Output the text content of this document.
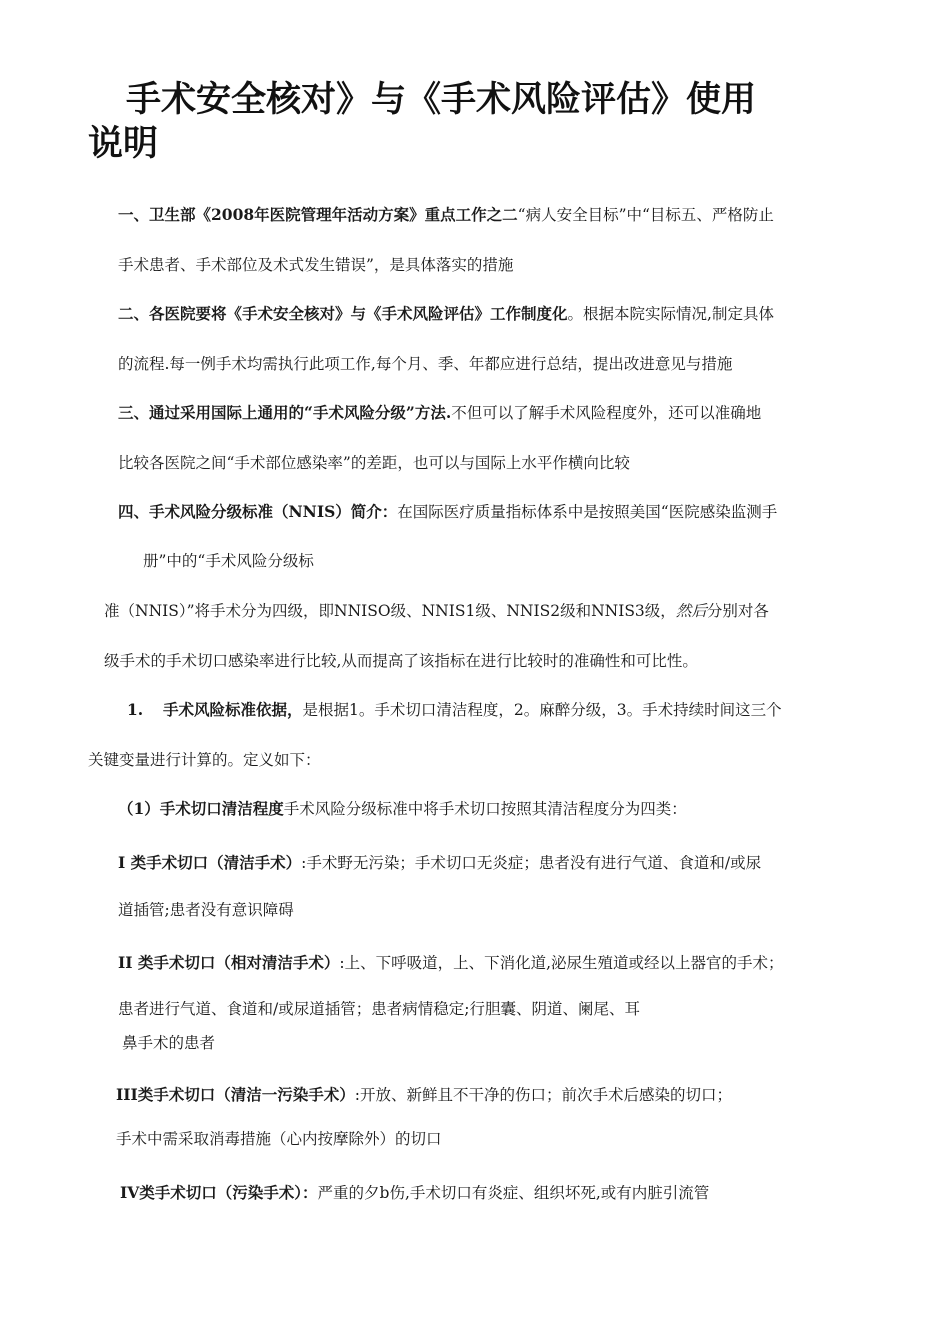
手术安全核对》与《手术风险评估》使用
说明
一、卫生部《2008年医院管理年活动方案》重点工作之二“病人安全目标”中“目标五、严格防止
手术患者、手术部位及术式发生错误”，是具体落实的措施
二、各医院要将《手术安全核对》与《手术风险评估》工作制度化。根据本院实际情况,制定具体
的流程.每一例手术均需执行此项工作,每个月、季、年都应进行总结，提出改进意见与措施
三、通过采用国际上通用的“手术风险分级”方法.不但可以了解手术风险程度外，还可以准确地
比较各医院之间“手术部位感染率”的差距，也可以与国际上水平作横向比较
四、手术风险分级标准（NNIS）简介：在国际医疗质量指标体系中是按照美国“医院感染监测手
册”中的“手术风险分级标
准（NNIS）”将手术分为四级，即NNISO级、NNIS1级、NNIS2级和NNIS3级，然后分别对各
级手术的手术切口感染率进行比较,从而提高了该指标在进行比较时的准确性和可比性。
1. 手术风险标准依据，是根据1。手术切口清洁程度，2。麻醉分级，3。手术持续时间这三个
关键变量进行计算的。定义如下：
（1）手术切口清洁程度手术风险分级标准中将手术切口按照其清洁程度分为四类：
I 类手术切口（清洁手术）:手术野无污染；手术切口无炎症；患者没有进行气道、食道和/或尿
道插管;患者没有意识障碍
II 类手术切口（相对清洁手术）:上、下呼吸道，上、下消化道,泌尿生殖道或经以上器官的手术；
患者进行气道、食道和/或尿道插管；患者病情稳定;行胆囊、阴道、阑尾、耳
鼻手术的患者
III类手术切口（清洁一污染手术）:开放、新鲜且不干净的伤口；前次手术后感染的切口；
手术中需采取消毒措施（心内按摩除外）的切口
IV类手术切口（污染手术）：严重的夕b伤,手术切口有炎症、组织坏死,或有内脏引流管
